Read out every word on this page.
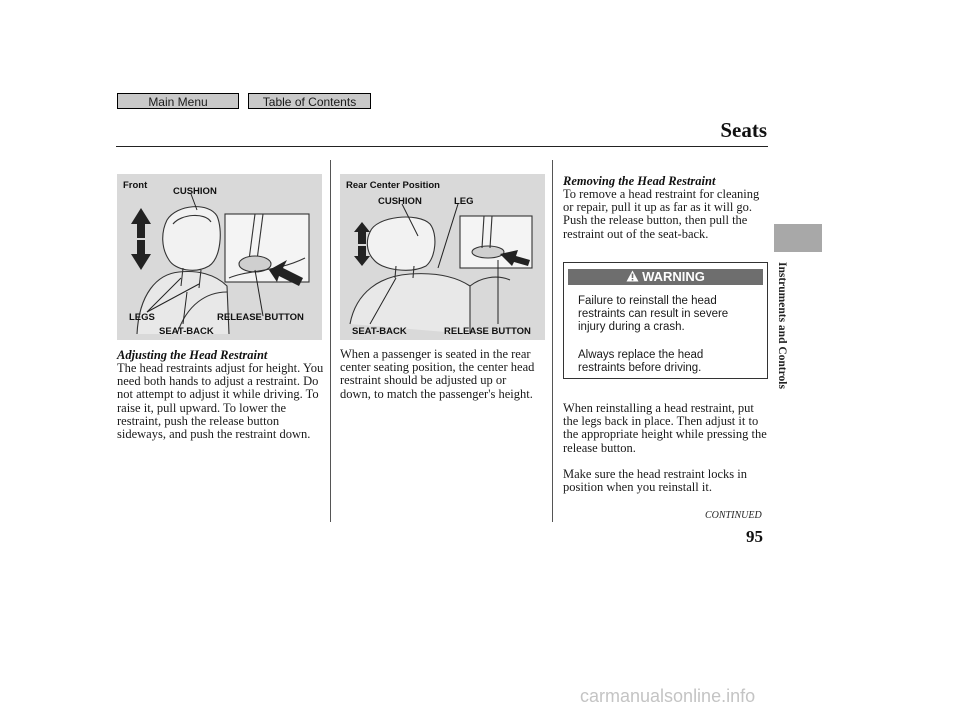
Main Menu	Table of Contents
Seats
Instruments and Controls
Front
CUSHION
LEGS	RELEASE BUTTON
SEAT-BACK
Rear Center Position
CUSHION	LEG
SEAT-BACK	RELEASE BUTTON
Adjusting the Head Restraint
The head restraints adjust for height. You need both hands to adjust a restraint. Do not attempt to adjust it while driving. To raise it, pull upward. To lower the restraint, push the release button sideways, and push the restraint down.
When a passenger is seated in the rear center seating position, the center head restraint should be adjusted up or down, to match the passenger's height.
Removing the Head Restraint
To remove a head restraint for cleaning or repair, pull it up as far as it will go. Push the release button, then pull the restraint out of the seat-back.
WARNING
Failure to reinstall the head restraints can result in severe injury during a crash.
Always replace the head restraints before driving.
When reinstalling a head restraint, put the legs back in place. Then adjust it to the appropriate height while pressing the release button.
Make sure the head restraint locks in position when you reinstall it.
CONTINUED
95
carmanualsonline.info
